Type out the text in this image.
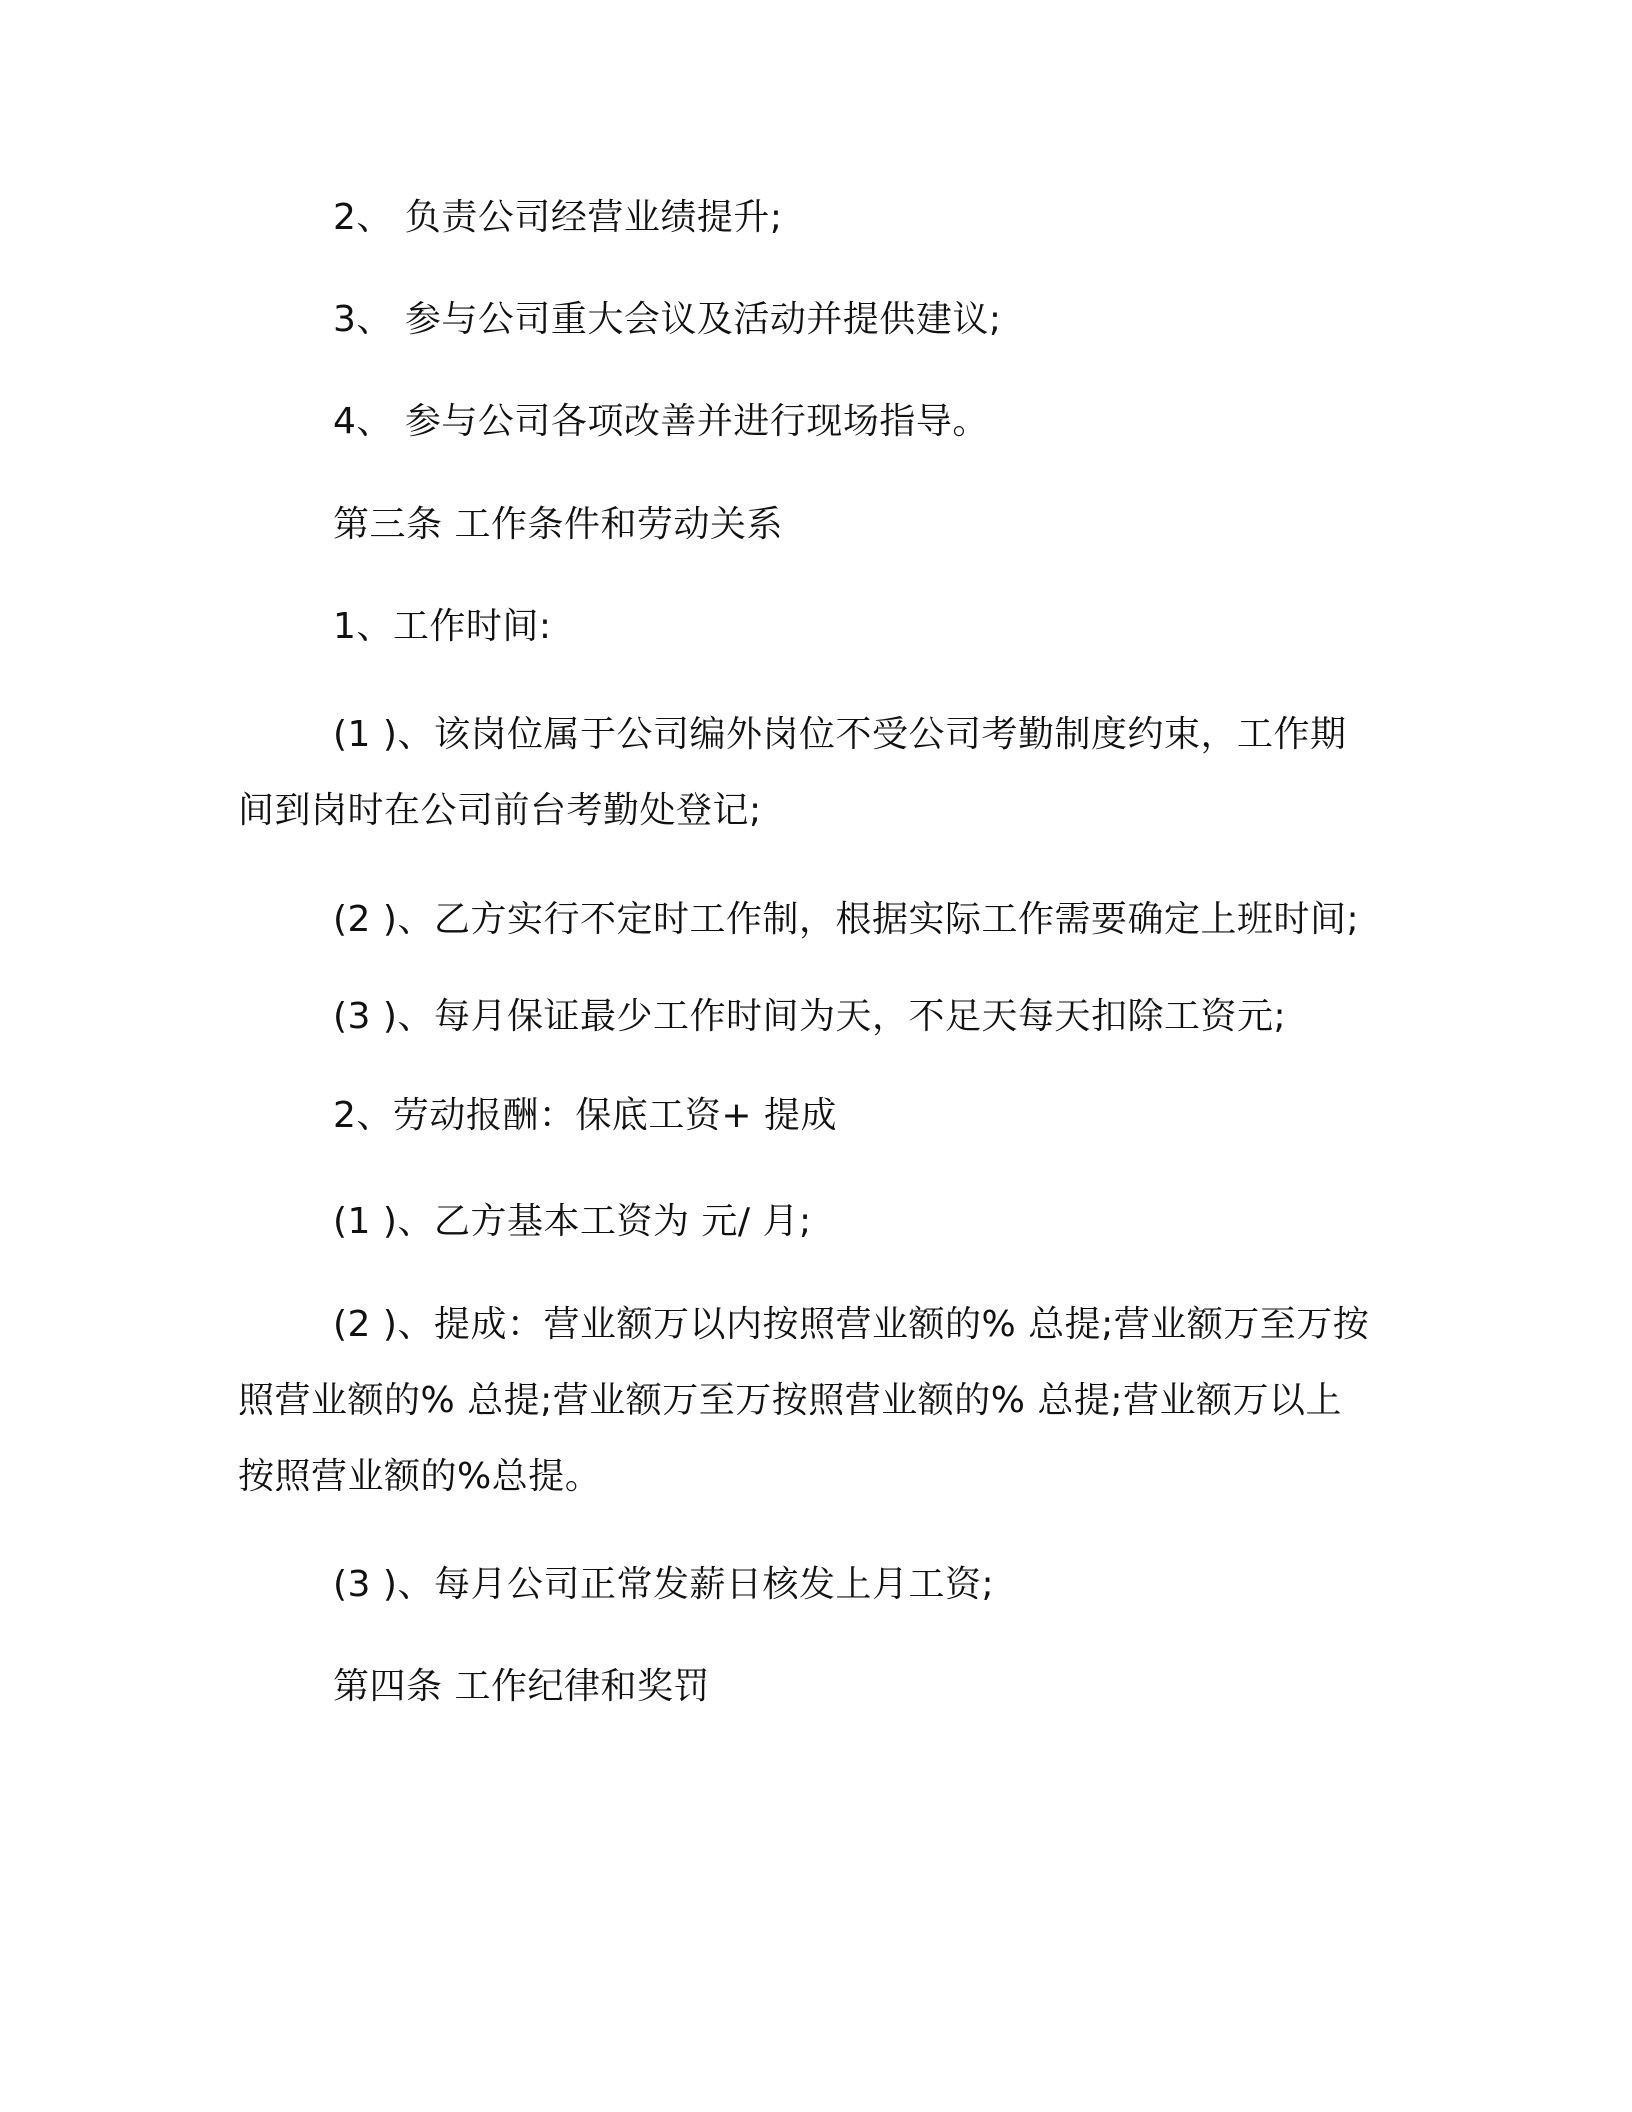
2、 负责公司经营业绩提升;
3、 参与公司重大会议及活动并提供建议;
4、 参与公司各项改善并进行现场指导。
第三条 工作条件和劳动关系
1、工作时间:
(1 )、该岗位属于公司编外岗位不受公司考勤制度约束，工作期
间到岗时在公司前台考勤处登记;
(2 )、乙方实行不定时工作制，根据实际工作需要确定上班时间;
(3 )、每月保证最少工作时间为天，不足天每天扣除工资元;
2、劳动报酬：保底工资+ 提成
(1 )、乙方基本工资为 元/ 月;
(2 )、提成：营业额万以内按照营业额的% 总提;营业额万至万按
照营业额的% 总提;营业额万至万按照营业额的% 总提;营业额万以上
按照营业额的%总提。
(3 )、每月公司正常发薪日核发上月工资;
第四条 工作纪律和奖罚
